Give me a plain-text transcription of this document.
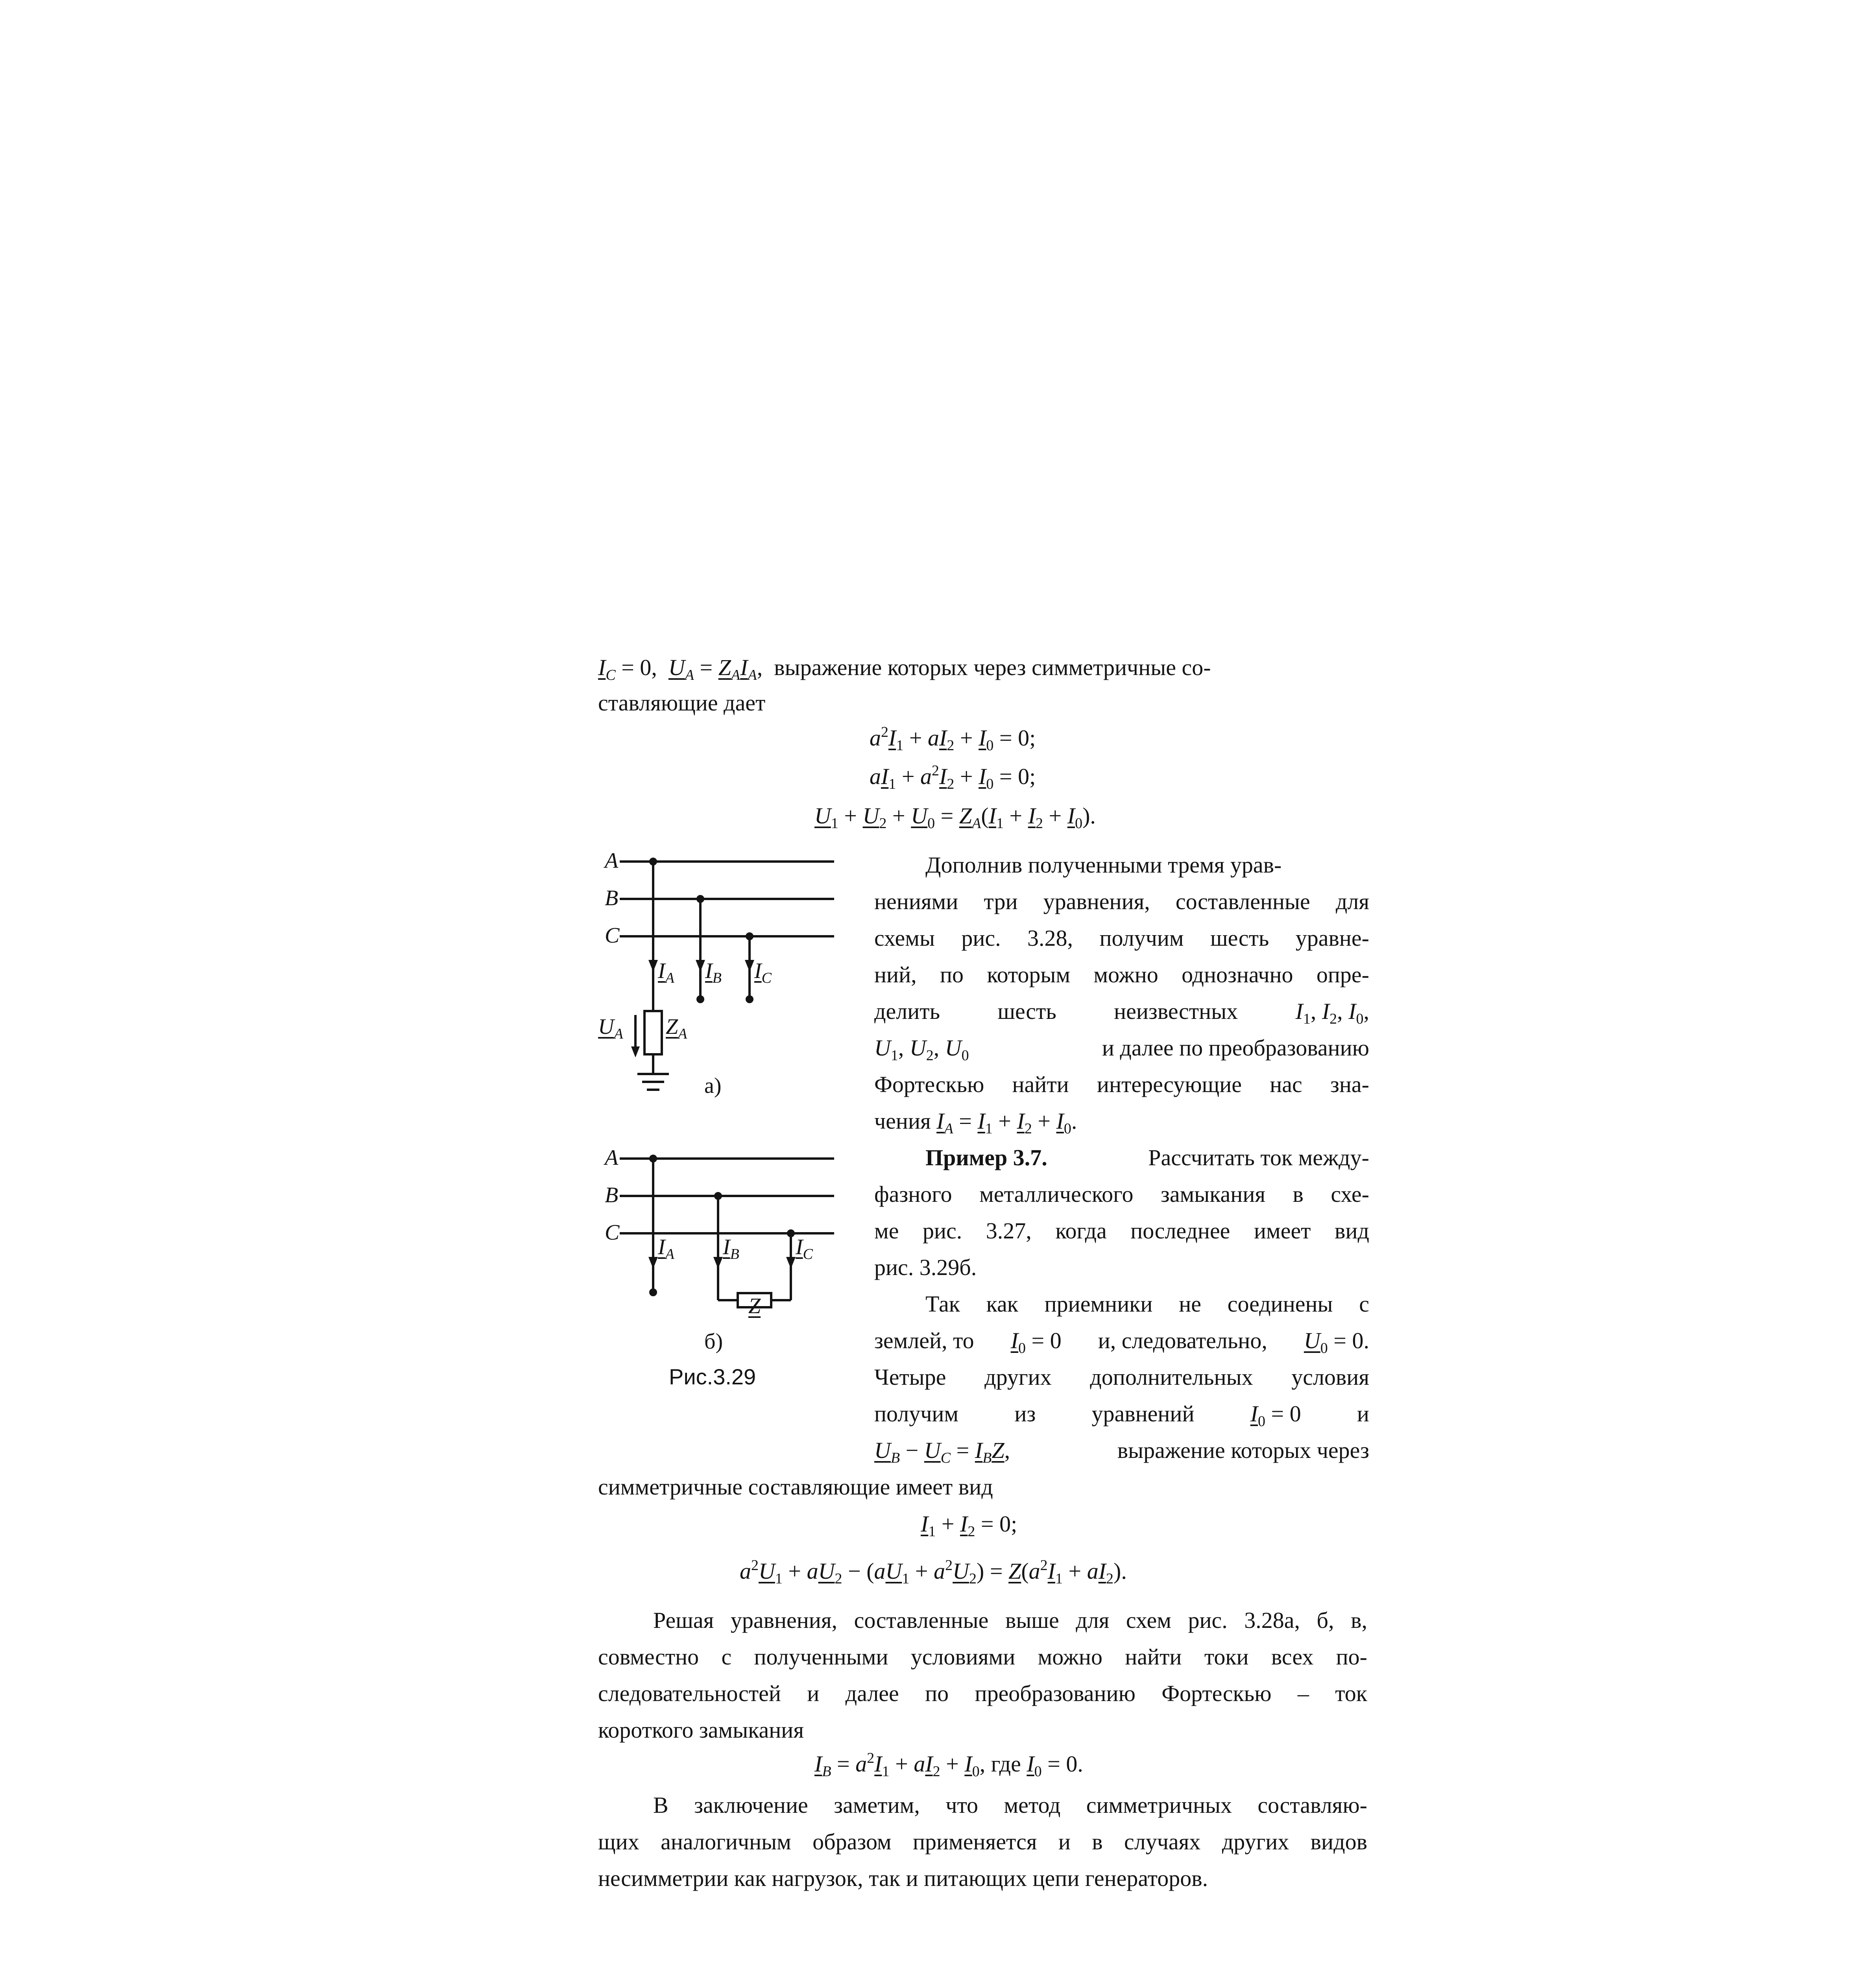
$I_C = 0$,  $U_A = Z_AI_A$,  выражение которых через симметричные со-
ставляющие дает
$a^2I_1 + aI_2 + I_0 = 0$;
$aI_1 + a^2I_2 + I_0 = 0$;
$U_1 + U_2 + U_0 = Z_A(I_1 + I_2 + I_0)$.
Дополнив полученными тремя урав-
нениями три уравнения, составленные для
схемы рис. 3.28, получим шесть уравне-
ний, по которым можно однозначно опре-
делить	шесть	неизвестных	$I_1$, $I_2$, $I_0$,
$U_1$, $U_2$, $U_0$	и далее по преобразованию
Фортескью найти интересующие нас зна-
чения $I_A = I_1 + I_2 + I_0$.
Пример 3.7.	Рассчитать ток между-
фазного металлического замыкания в схе-
ме рис. 3.27, когда последнее имеет вид
рис. 3.29б.
Так как приемники не соединены с
землей, то $I_0 = 0$ и, следовательно, $U_0 = 0$.
Четыре других дополнительных условия
получим из уравнений $I_0 = 0$ и
$U_B - U_C = I_BZ$,	выражение которых через
симметричные составляющие имеет вид
$I_1 + I_2 = 0$;
$a^2U_1 + aU_2 - (aU_1 + a^2U_2) = Z(a^2I_1 + aI_2)$.
Решая уравнения, составленные выше для схем рис. 3.28а, б, в,
совместно с полученными условиями можно найти токи всех по-
следовательностей и далее по преобразованию Фортескью – ток
короткого замыкания
$I_B = a^2I_1 + aI_2 + I_0$, где $I_0 = 0$.
В заключение заметим, что метод симметричных составляю-
щих аналогичным образом применяется и в случаях других видов
несимметрии как нагрузок, так и питающих цепи генераторов.
A
B
C
$I_A$ $I_B$ $I_C$
$U_A$ $Z_A$
а)
A
B
C
$I_A$ $I_B$	$I_C$
Z
б)
Рис.3.29
